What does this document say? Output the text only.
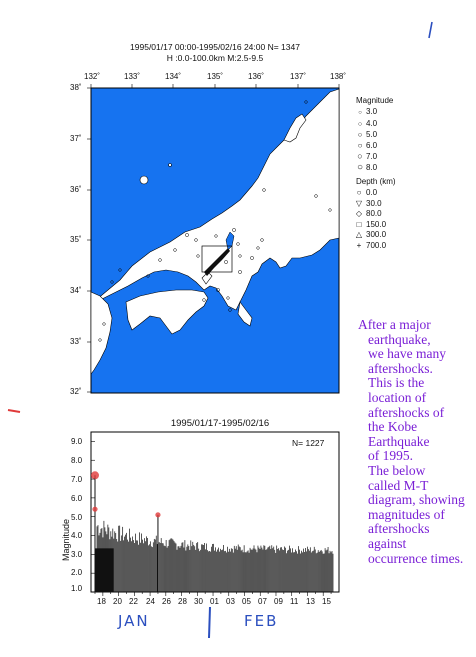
1995/01/17 00:00-1995/02/16 24:00 N= 1347
H :0.0-100.0km M:2.5-9.5
132˚	133˚	134˚	135˚	136˚	137˚	138˚
38˚
37˚
36˚
35˚
34˚
33˚
32˚
Magnitude
○ 3.0
○ 4.0
○ 5.0
○ 6.0
○ 7.0
○ 8.0
Depth (km)
○ 0.0
▽ 30.0
◇ 80.0
□ 150.0
△ 300.0
+ 700.0
After a major
earthquake,
we have many
aftershocks.
This is the
location of
aftershocks of
the Kobe
Earthquake
of 1995.
The below
called M-T
diagram, showing
magnitudes of
aftershocks
against
occurrence times.
1995/01/17-1995/02/16
N= 1227
Magnitude
9.0
8.0
7.0
6.0
5.0
4.0
3.0
2.0
1.0
18 20 22 24 26 28 30 01 03 05 07 09 11 13 15
JAN	FEB
